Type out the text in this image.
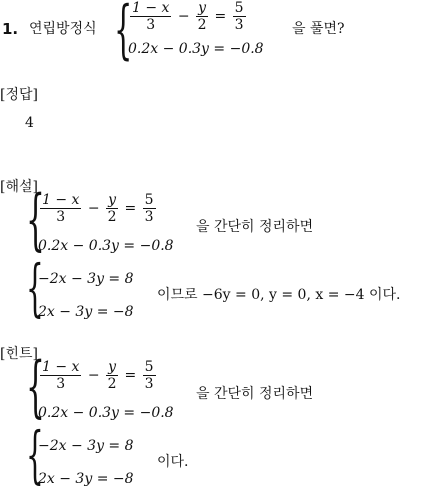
1. 연립방정식 {
$\frac{1 - x}{3} - \frac{y}{2} = \frac{5}{3}$
0.2x − 0.3y = −0.8
을 풀면?
[정답]
4
[해설]
{
$\frac{1 - x}{3} - \frac{y}{2} = \frac{5}{3}$
0.2x − 0.3y = −0.8
을 간단히 정리하면
{
−2x − 3y = 8
2x − 3y = −8
이므로 −6y = 0, y = 0, x = −4 이다.
[힌트]
{
$\frac{1 - x}{3} - \frac{y}{2} = \frac{5}{3}$
0.2x − 0.3y = −0.8
을 간단히 정리하면
{
−2x − 3y = 8
2x − 3y = −8
이다.
